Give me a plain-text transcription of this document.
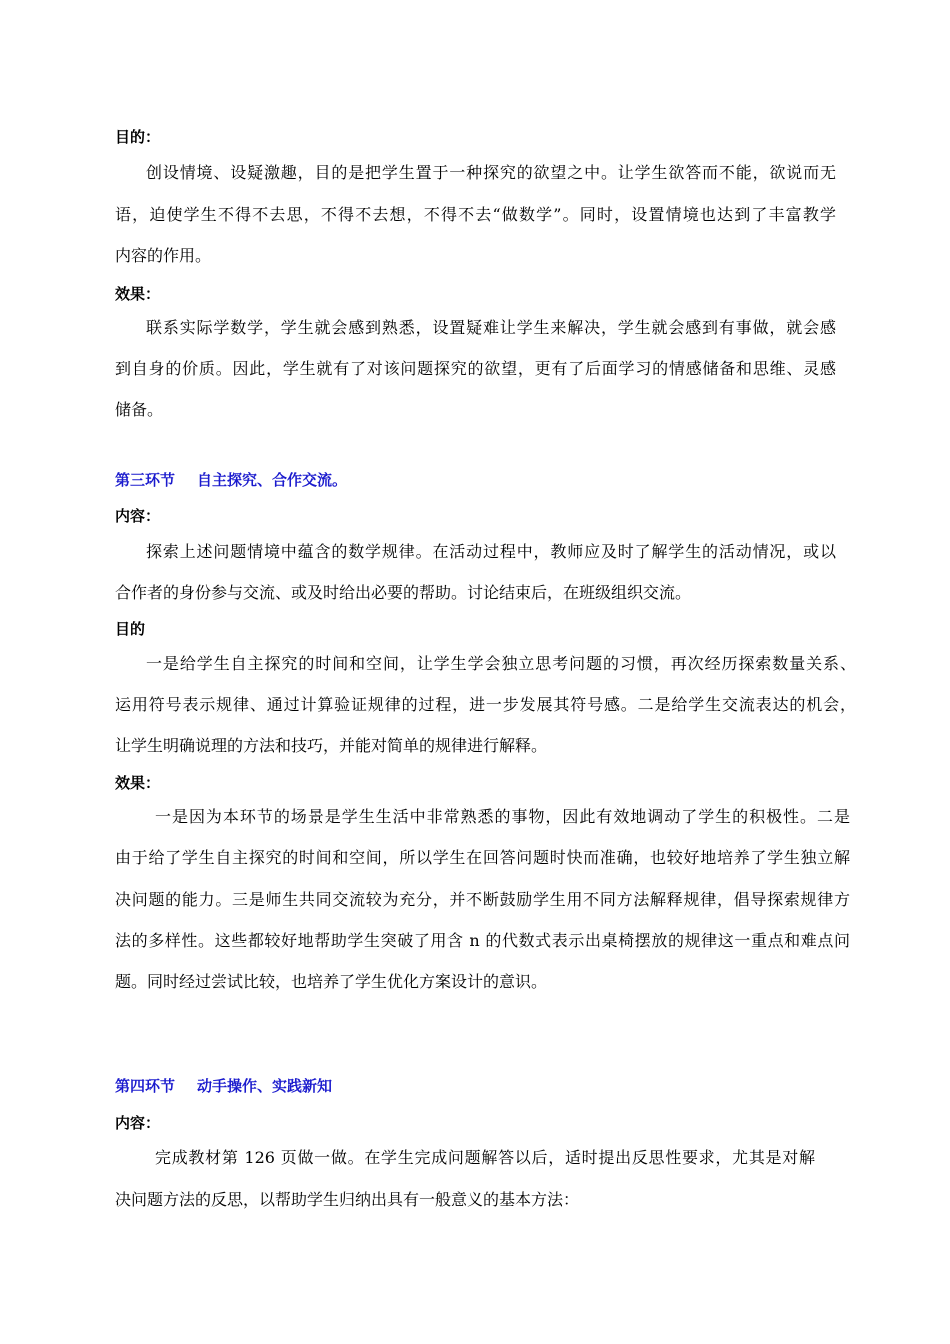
目的：
创设情境、设疑激趣，目的是把学生置于一种探究的欲望之中。让学生欲答而不能，欲说而无
语，迫使学生不得不去思，不得不去想，不得不去“做数学”。同时，设置情境也达到了丰富教学
内容的作用。
效果：
联系实际学数学，学生就会感到熟悉，设置疑难让学生来解决，学生就会感到有事做，就会感
到自身的价质。因此，学生就有了对该问题探究的欲望，更有了后面学习的情感储备和思维、灵感
储备。
第三环节 自主探究、合作交流。
内容：
探索上述问题情境中蕴含的数学规律。在活动过程中，教师应及时了解学生的活动情况，或以
合作者的身份参与交流、或及时给出必要的帮助。讨论结束后，在班级组织交流。
目的
一是给学生自主探究的时间和空间，让学生学会独立思考问题的习惯，再次经历探索数量关系、
运用符号表示规律、通过计算验证规律的过程，进一步发展其符号感。二是给学生交流表达的机会，
让学生明确说理的方法和技巧，并能对简单的规律进行解释。
效果：
一是因为本环节的场景是学生生活中非常熟悉的事物，因此有效地调动了学生的积极性。二是
由于给了学生自主探究的时间和空间，所以学生在回答问题时快而准确，也较好地培养了学生独立解
决问题的能力。三是师生共同交流较为充分，并不断鼓励学生用不同方法解释规律，倡导探索规律方
法的多样性。这些都较好地帮助学生突破了用含 n 的代数式表示出桌椅摆放的规律这一重点和难点问
题。同时经过尝试比较，也培养了学生优化方案设计的意识。
第四环节 动手操作、实践新知
内容：
完成教材第 126 页做一做。在学生完成问题解答以后，适时提出反思性要求，尤其是对解
决问题方法的反思，以帮助学生归纳出具有一般意义的基本方法：
